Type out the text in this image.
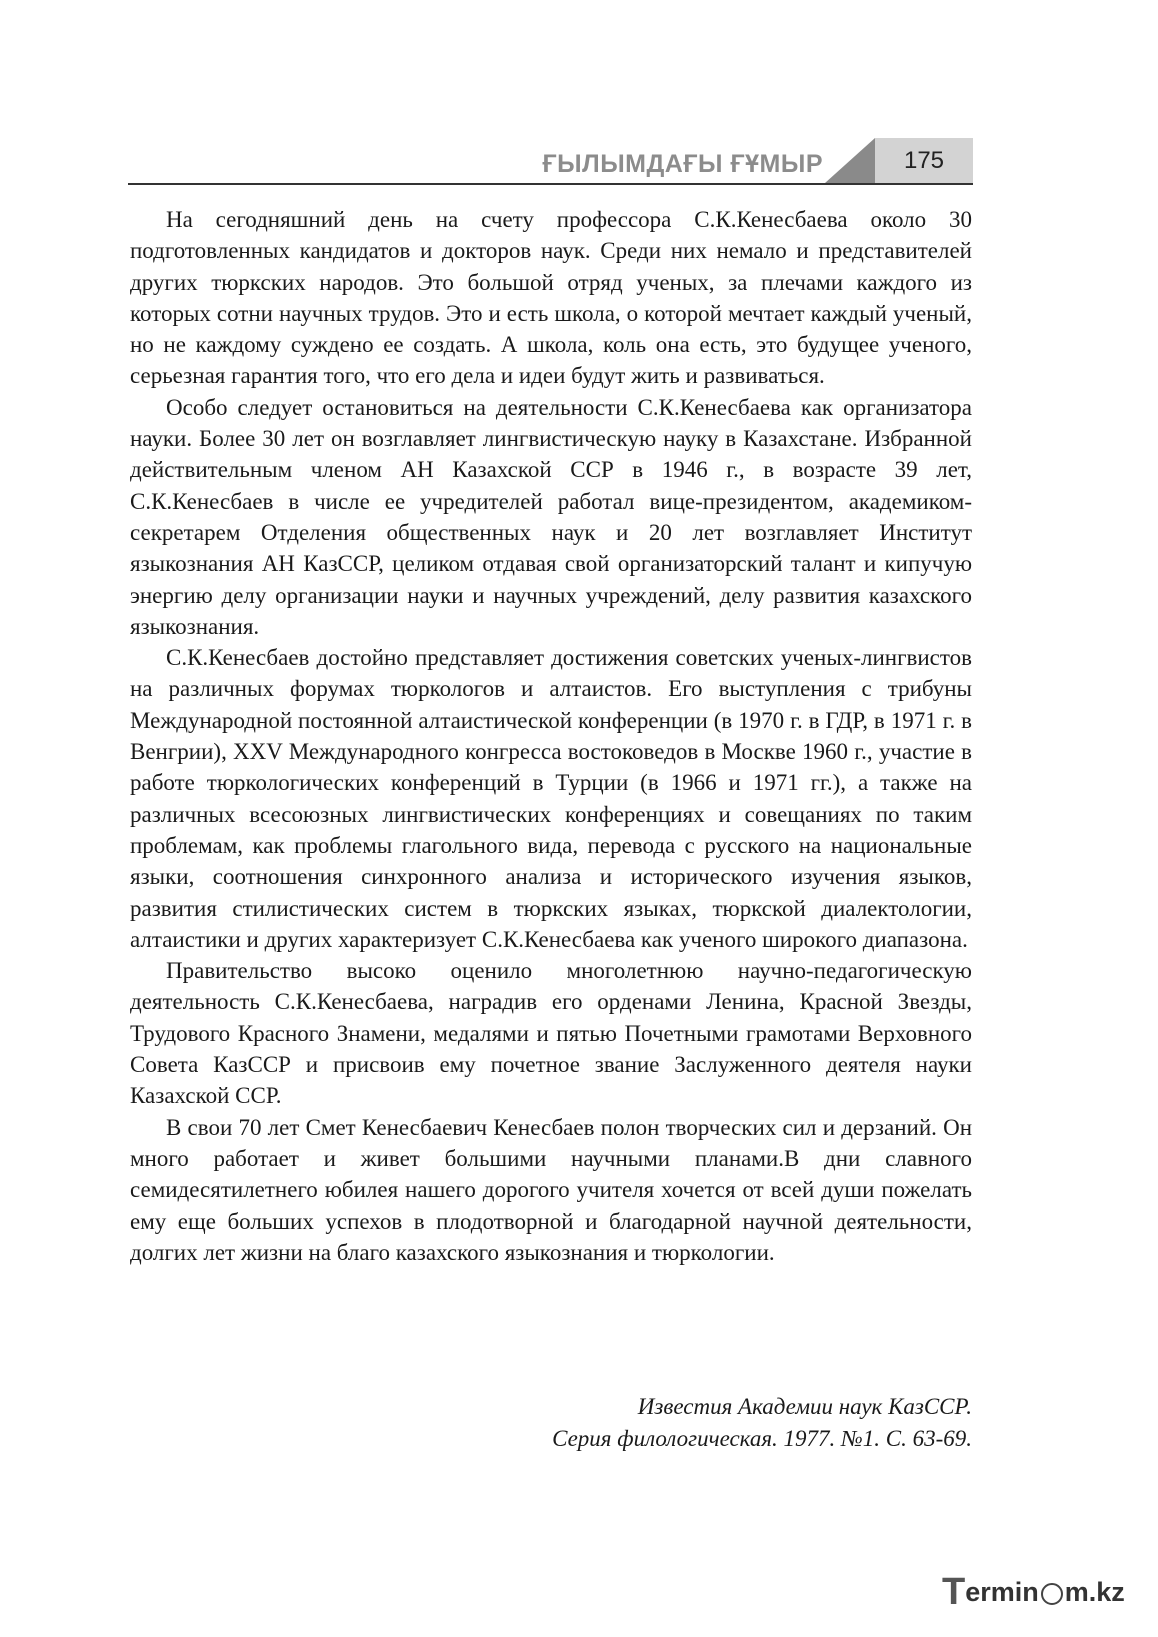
ҒЫЛЫМДАҒЫ ҒҰМЫР	175

На сегодняшний день на счету профессора С.К.Кенесбаева около 30 подготовленных кандидатов и докторов наук. Среди них немало и представителей других тюркских народов. Это большой отряд ученых, за плечами каждого из которых сотни научных трудов. Это и есть школа, о которой мечтает каждый ученый, но не каждому суждено ее создать. А школа, коль она есть, это будущее ученого, серьезная гарантия того, что его дела и идеи будут жить и развиваться.

Особо следует остановиться на деятельности С.К.Кенесбаева как организатора науки. Более 30 лет он возглавляет лингвистическую науку в Казахстане. Избранной действительным членом АН Казахской ССР в 1946 г., в возрасте 39 лет, С.К.Кенесбаев в числе ее учредителей работал вице-президентом, академиком-секретарем Отделения общественных наук и 20 лет возглавляет Институт языкознания АН КазССР, целиком отдавая свой организаторский талант и кипучую энергию делу организации науки и научных учреждений, делу развития казахского языкознания.

С.К.Кенесбаев достойно представляет достижения советских ученых-лингвистов на различных форумах тюркологов и алтаистов. Его выступления с трибуны Международной постоянной алтаистической конференции (в 1970 г. в ГДР, в 1971 г. в Венгрии), XXV Международного конгресса востоковедов в Москве 1960 г., участие в работе тюркологических конференций в Турции (в 1966 и 1971 гг.), а также на различных всесоюзных лингвистических конференциях и совещаниях по таким проблемам, как проблемы глагольного вида, перевода с русского на национальные языки, соотношения синхронного анализа и исторического изучения языков, развития стилистических систем в тюркских языках, тюркской диалектологии, алтаистики и других характеризует С.К.Кенесбаева как ученого широкого диапазона.

Правительство высоко оценило многолетнюю научно-педагогическую деятельность С.К.Кенесбаева, наградив его орденами Ленина, Красной Звезды, Трудового Красного Знамени, медалями и пятью Почетными грамотами Верховного Совета КазССР и присвоив ему почетное звание Заслуженного деятеля науки Казахской ССР.

В свои 70 лет Смет Кенесбаевич Кенесбаев полон творческих сил и дерзаний. Он много работает и живет большими научными планами.В дни славного семидесятилетнего юбилея нашего дорогого учителя хочется от всей души пожелать ему еще больших успехов в плодотворной и благодарной научной деятельности, долгих лет жизни на благо казахского языкознания и тюркологии.

Известия Академии наук КазССР.
Серия филологическая. 1977. №1. С. 63-69.
T ermin m.kz
